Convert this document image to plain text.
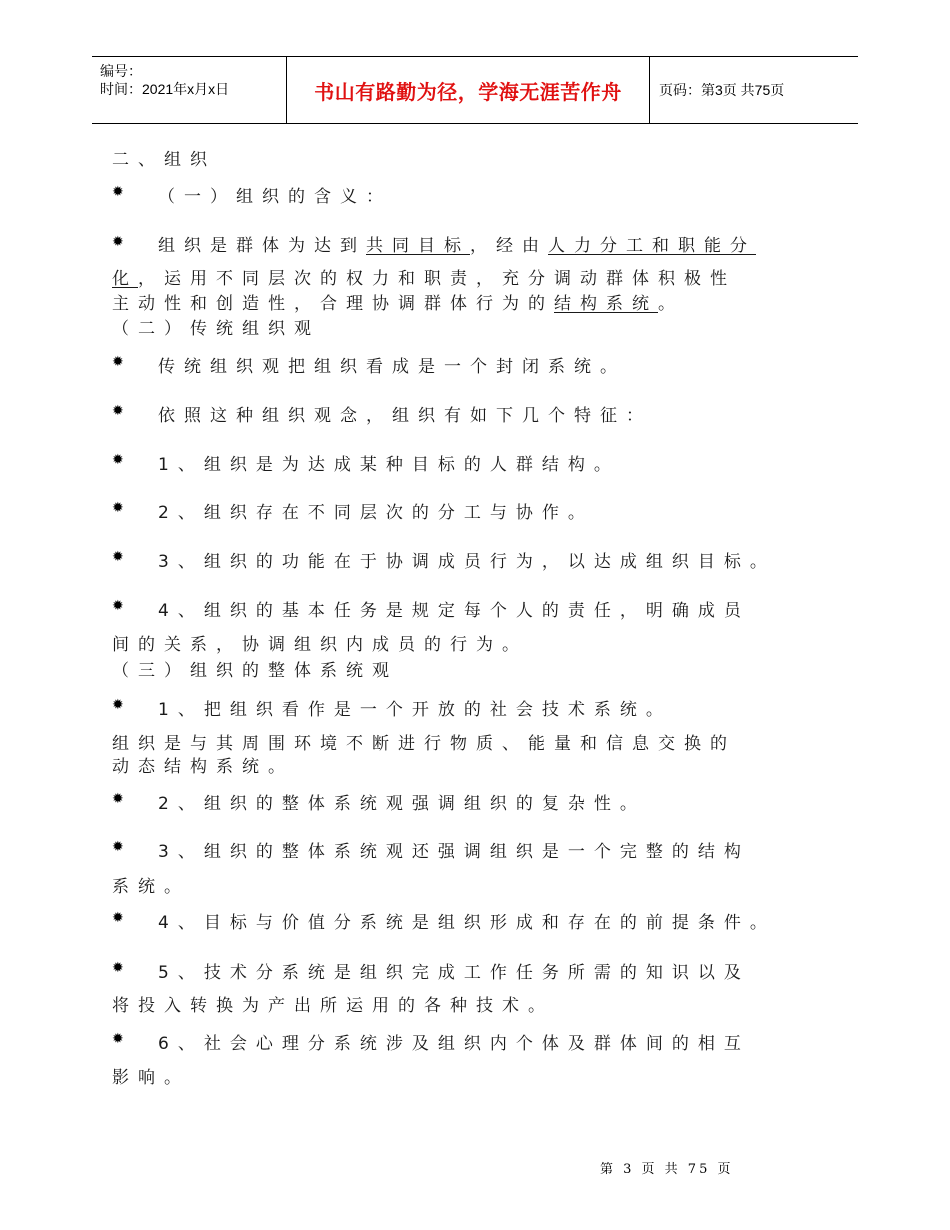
编号：
时间：2021年x月x日	书山有路勤为径，学海无涯苦作舟	页码：第3页 共75页
二、组织
✹ （一）组织的含义：
✹ 组织是群体为达到共同目标，经由人力分工和职能分
化，运用不同层次的权力和职责，充分调动群体积极性
主动性和创造性，合理协调群体行为的结构系统。
（二）传统组织观
✹ 传统组织观把组织看成是一个封闭系统。
✹ 依照这种组织观念，组织有如下几个特征：
✹ 1、组织是为达成某种目标的人群结构。
✹ 2、组织存在不同层次的分工与协作。
✹ 3、组织的功能在于协调成员行为，以达成组织目标。
✹ 4、组织的基本任务是规定每个人的责任，明确成员
间的关系，协调组织内成员的行为。
（三）组织的整体系统观
✹ 1、把组织看作是一个开放的社会技术系统。
组织是与其周围环境不断进行物质、能量和信息交换的
动态结构系统。
✹ 2、组织的整体系统观强调组织的复杂性。
✹ 3、组织的整体系统观还强调组织是一个完整的结构
系统。
✹ 4、目标与价值分系统是组织形成和存在的前提条件。
✹ 5、技术分系统是组织完成工作任务所需的知识以及
将投入转换为产出所运用的各种技术。
✹ 6、社会心理分系统涉及组织内个体及群体间的相互
影响。
第 3 页 共 75 页
